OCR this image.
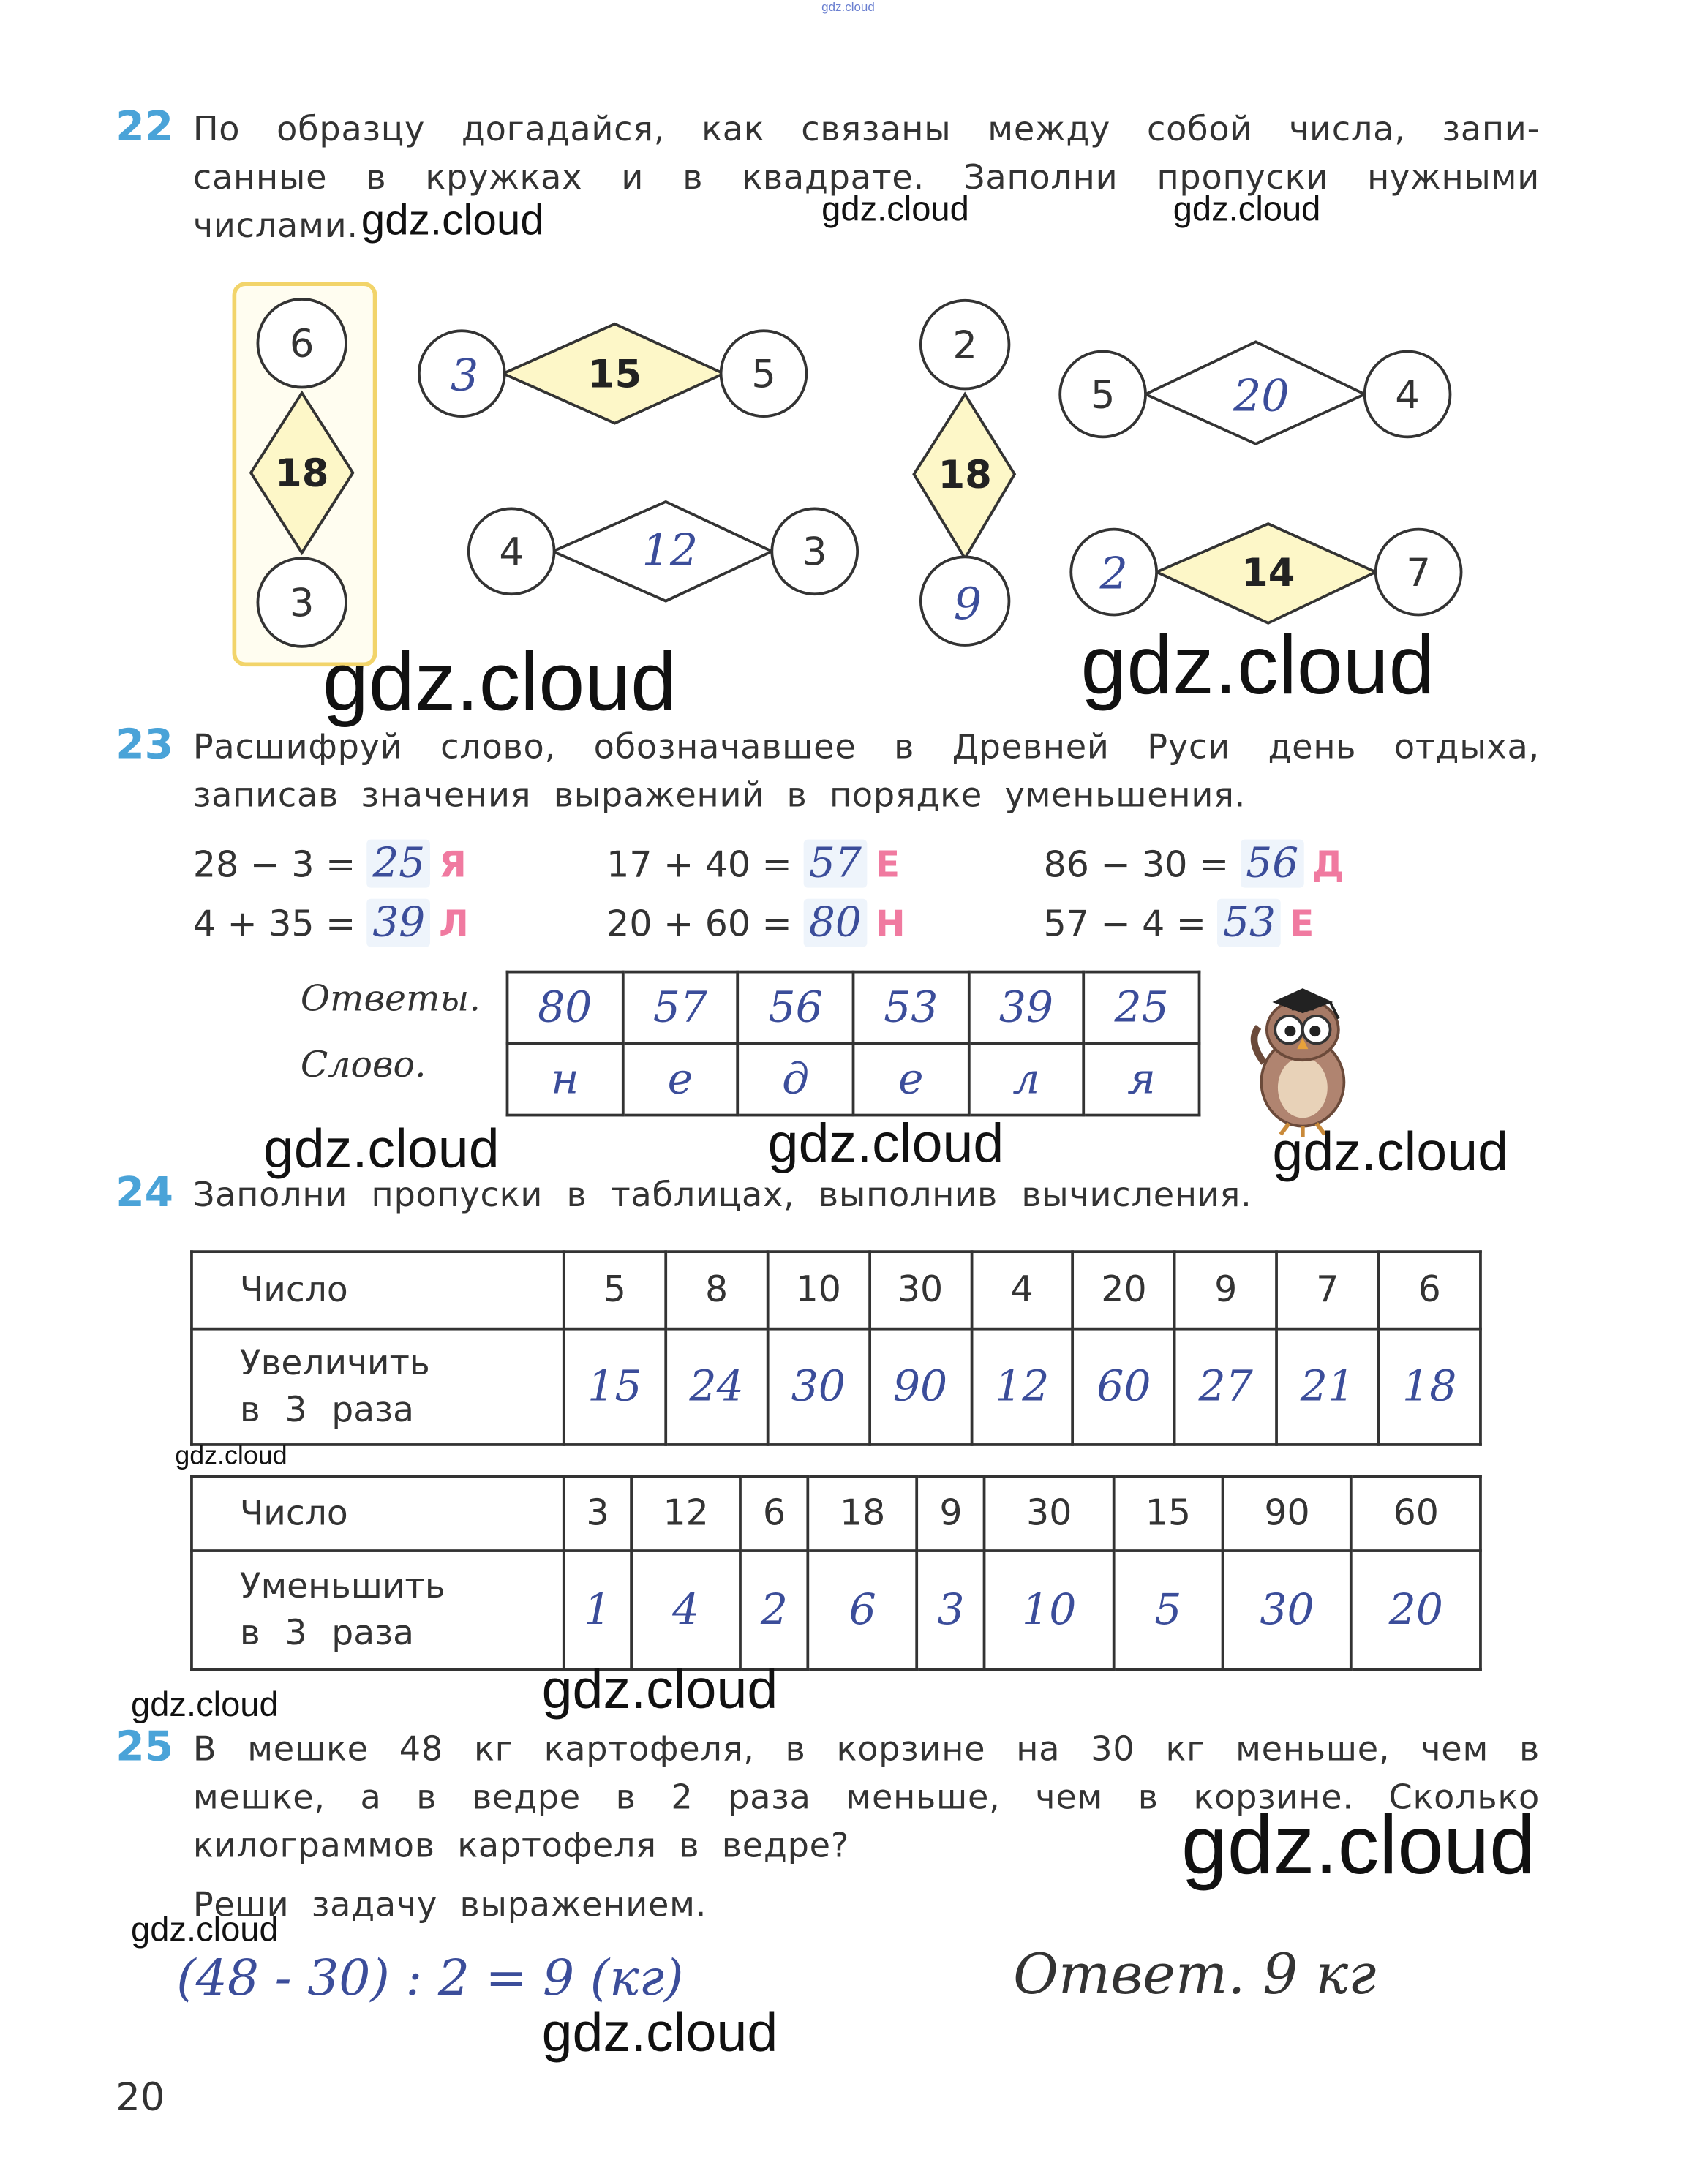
gdz.cloud
22 По образцу догадайся, как связаны между собой числа, запи-
санные в кружках и в квадрате. Заполни пропуски нужными
числами.
6
18
3
3	15	5
4	12	3
2
18
9
5	20	4
2	14	7
23 Расшифруй слово, обозначавшее в Древней Руси день отдыха,
записав значения выражений в порядке уменьшения.
28 − 3 = 25 Я	17 + 40 = 57 Е	86 − 30 = 56 Д
4 + 35 = 39 Л	20 + 60 = 80 Н	57 − 4 = 53 Е
Ответы.
Слово.
80	57	56	53	39	25
н	е	д	е	л	я
24 Заполни пропуски в таблицах, выполнив вычисления.
Число	5	8	10	30	4	20	9	7	6

Увеличить
в 3 раза	15	24	30	90	12	60	27	21	18
Число	3	12	6	18	9	30	15	90	60

Уменьшить
в 3 раза	1	4	2	6	3	10	5	30	20
25 В мешке 48 кг картофеля, в корзине на 30 кг меньше, чем в
мешке, а в ведре в 2 раза меньше, чем в корзине. Сколько
килограммов картофеля в ведре?
Реши задачу выражением.
(48 - 30) : 2 = 9 (кг)	Ответ. 9 кг
20
gdz.cloud	gdz.cloud	gdz.cloud
gdz.cloud	gdz.cloud
gdz.cloud	gdz.cloud	gdz.cloud
gdz.cloud
gdz.cloud	gdz.cloud
gdz.cloud
gdz.cloud
gdz.cloud
